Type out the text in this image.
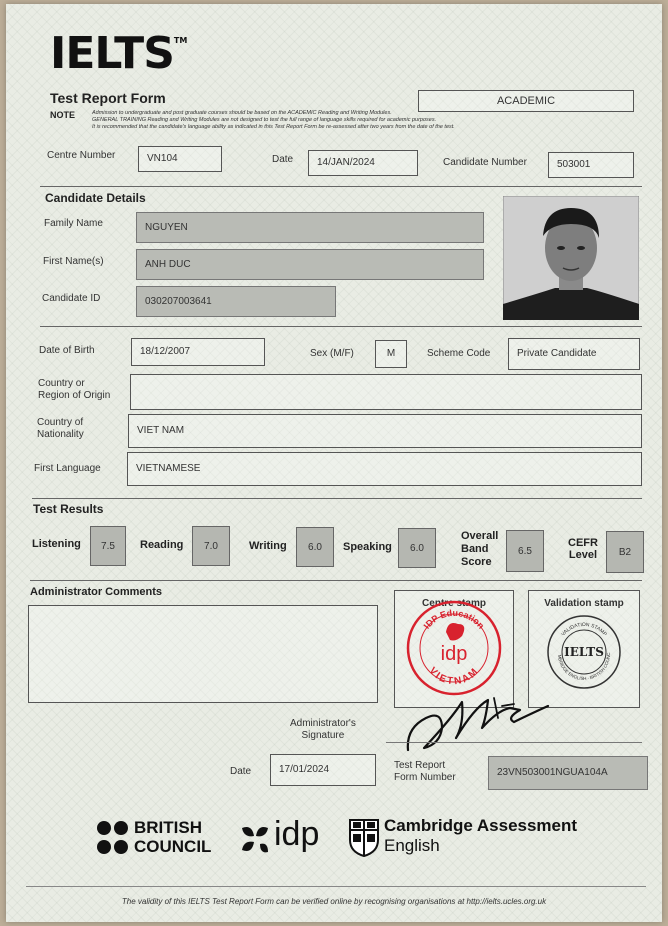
IELTS™
Test Report Form	ACADEMIC
NOTE	Admission to undergraduate and post graduate courses should be based on the ACADEMIC Reading and Writing Modules.
GENERAL TRAINING Reading and Writing Modules are not designed to test the full range of language skills required for academic purposes.
It is recommended that the candidate's language ability as indicated in this Test Report Form be re-assessed after two years from the date of the test.
Centre Number	VN104	Date	14/JAN/2024	Candidate Number	503001
Candidate Details
Family Name	NGUYEN
First Name(s)	ANH DUC
Candidate ID	030207003641
Date of Birth	18/12/2007	Sex (M/F)	M	Scheme Code	Private Candidate
Country or
Region of Origin
Country of
Nationality	VIET NAM
First Language	VIETNAMESE
Test Results
Listening	7.5	Reading	7.0	Writing	6.0	Speaking	6.0
Overall
Band
Score
6.5
CEFR
Level	B2
Administrator Comments
Centre stamp
IDP Education
VIETNAM
idp
Validation stamp
VALIDATION STAMP
MBRIDGE ENGLISH · BRITISH COUNC
IELTS
Administrator's
Signature
Date	17/01/2024	Test Report
Form Number	23VN503001NGUA104A
BRITISH
COUNCIL idp	Cambridge Assessment
English
The validity of this IELTS Test Report Form can be verified online by recognising organisations at http://ielts.ucles.org.uk
